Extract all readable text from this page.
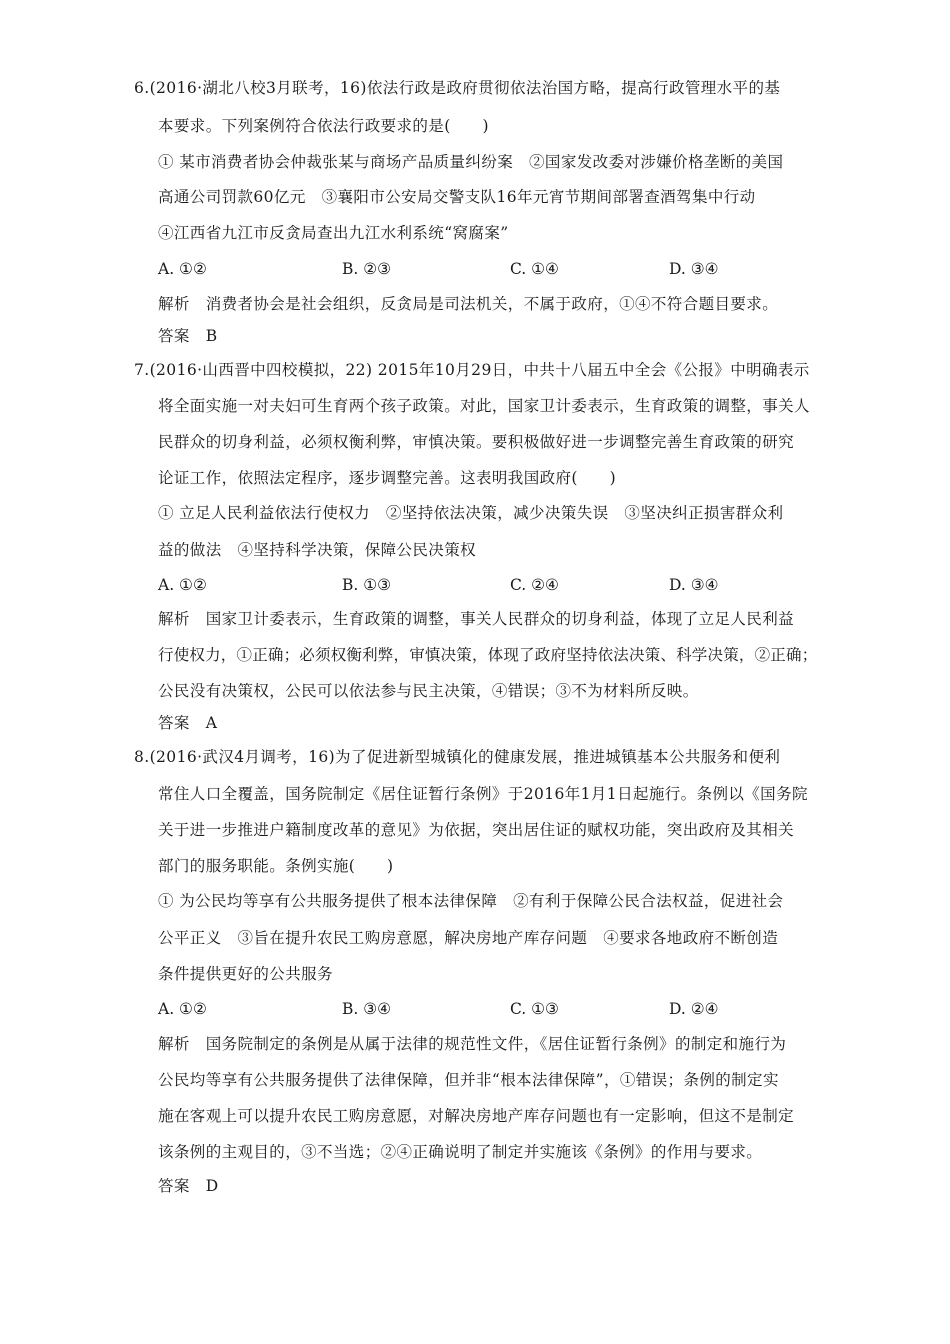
6.(2016·湖北八校3月联考，16)依法行政是政府贯彻依法治国方略，提高行政管理水平的基
本要求。下列案例符合依法行政要求的是(　　)
① 某市消费者协会仲裁张某与商场产品质量纠纷案　②国家发改委对涉嫌价格垄断的美国
高通公司罚款60亿元　③襄阳市公安局交警支队16年元宵节期间部署查酒驾集中行动
④江西省九江市反贪局查出九江水利系统“窝腐案”
A. ①②	B. ②③	C. ①④	D. ③④
解析　消费者协会是社会组织，反贪局是司法机关，不属于政府，①④不符合题目要求。
答案　B
7.(2016·山西晋中四校模拟，22) 2015年10月29日，中共十八届五中全会《公报》中明确表示
将全面实施一对夫妇可生育两个孩子政策。对此，国家卫计委表示，生育政策的调整，事关人
民群众的切身利益，必须权衡利弊，审慎决策。要积极做好进一步调整完善生育政策的研究
论证工作，依照法定程序，逐步调整完善。这表明我国政府(　　)
① 立足人民利益依法行使权力　②坚持依法决策，减少决策失误　③坚决纠正损害群众利
益的做法　④坚持科学决策，保障公民决策权
A. ①②	B. ①③	C. ②④	D. ③④
解析　国家卫计委表示，生育政策的调整，事关人民群众的切身利益，体现了立足人民利益
行使权力，①正确；必须权衡利弊，审慎决策，体现了政府坚持依法决策、科学决策，②正确；
公民没有决策权，公民可以依法参与民主决策，④错误；③不为材料所反映。
答案　A
8.(2016·武汉4月调考，16)为了促进新型城镇化的健康发展，推进城镇基本公共服务和便利
常住人口全覆盖，国务院制定《居住证暂行条例》于2016年1月1日起施行。条例以《国务院
关于进一步推进户籍制度改革的意见》为依据，突出居住证的赋权功能，突出政府及其相关
部门的服务职能。条例实施(　　)
① 为公民均等享有公共服务提供了根本法律保障　②有利于保障公民合法权益，促进社会
公平正义　③旨在提升农民工购房意愿，解决房地产库存问题　④要求各地政府不断创造
条件提供更好的公共服务
A. ①②	B. ③④	C. ①③	D. ②④
解析　国务院制定的条例是从属于法律的规范性文件，《居住证暂行条例》的制定和施行为
公民均等享有公共服务提供了法律保障，但并非“根本法律保障”，①错误；条例的制定实
施在客观上可以提升农民工购房意愿，对解决房地产库存问题也有一定影响，但这不是制定
该条例的主观目的，③不当选；②④正确说明了制定并实施该《条例》的作用与要求。
答案　D
